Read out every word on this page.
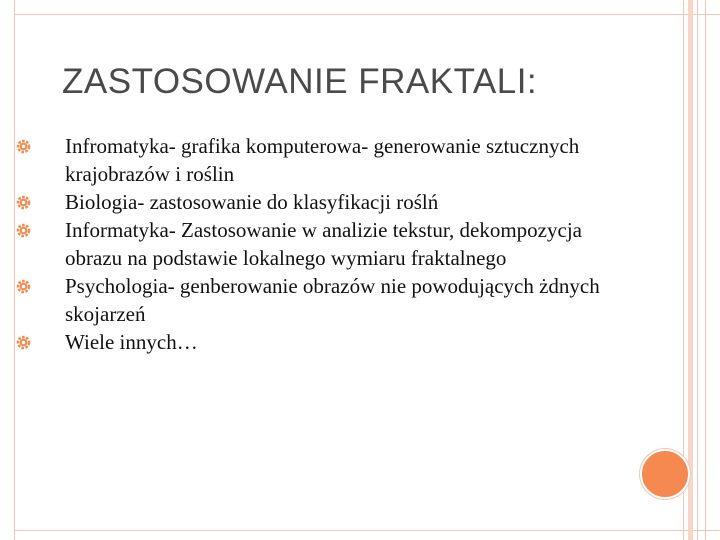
ZASTOSOWANIE FRAKTALI:
Infromatyka- grafika komputerowa- generowanie sztucznych krajobrazów i roślin
Biologia- zastosowanie do klasyfikacji roślń
Informatyka- Zastosowanie w analizie tekstur, dekompozycja obrazu na podstawie lokalnego wymiaru fraktalnego
Psychologia- genberowanie obrazów nie powodujących żdnych skojarzeń
Wiele innych…
